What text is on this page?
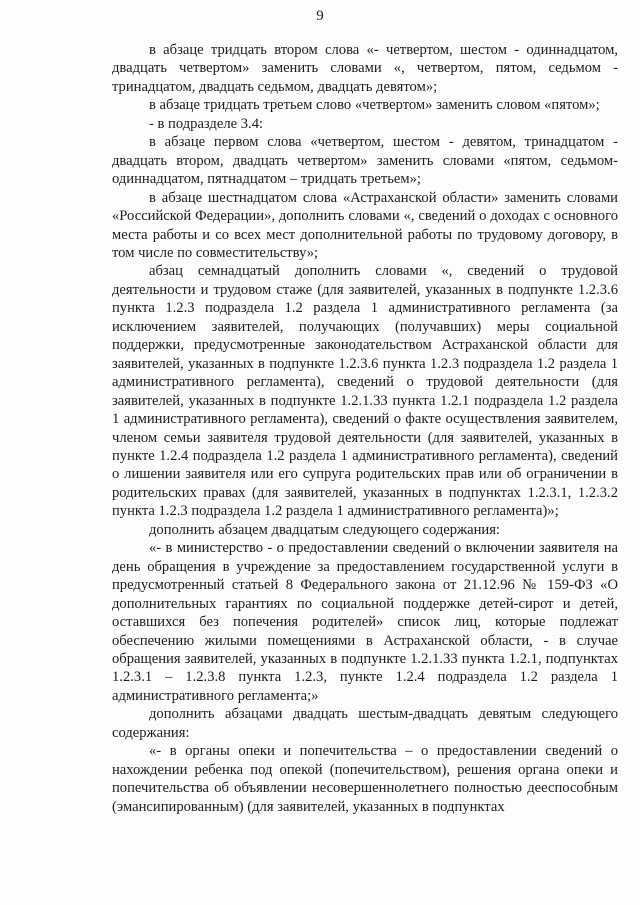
9

в абзаце тридцать втором слова «- четвертом, шестом - одиннадцатом, двадцать четвертом» заменить словами «, четвертом, пятом, седьмом - тринадцатом, двадцать седьмом, двадцать девятом»;

в абзаце тридцать третьем слово «четвертом» заменить словом «пятом»;

- в подразделе 3.4:

в абзаце первом слова «четвертом, шестом - девятом, тринадцатом - двадцать втором, двадцать четвертом» заменить словами «пятом, седьмом-одиннадцатом, пятнадцатом – тридцать третьем»;

в абзаце шестнадцатом слова «Астраханской области» заменить словами «Российской Федерации», дополнить словами «, сведений о доходах с основного места работы и со всех мест дополнительной работы по трудовому договору, в том числе по совместительству»;

абзац семнадцатый дополнить словами «, сведений о трудовой деятельности и трудовом стаже (для заявителей, указанных в подпункте 1.2.3.6 пункта 1.2.3 подраздела 1.2 раздела 1 административного регламента (за исключением заявителей, получающих (получавших) меры социальной поддержки, предусмотренные законодательством Астраханской области для заявителей, указанных в подпункте 1.2.3.6 пункта 1.2.3 подраздела 1.2 раздела 1 административного регламента), сведений о трудовой деятельности (для заявителей, указанных в подпункте 1.2.1.33 пункта 1.2.1 подраздела 1.2 раздела 1 административного регламента), сведений о факте осуществления заявителем, членом семьи заявителя трудовой деятельности (для заявителей, указанных в пункте 1.2.4 подраздела 1.2 раздела 1 административного регламента), сведений о лишении заявителя или его супруга родительских прав или об ограничении в родительских правах (для заявителей, указанных в подпунктах 1.2.3.1, 1.2.3.2 пункта 1.2.3 подраздела 1.2 раздела 1 административного регламента)»;

дополнить абзацем двадцатым следующего содержания:

«- в министерство - о предоставлении сведений о включении заявителя на день обращения в учреждение за предоставлением государственной услуги в предусмотренный статьей 8 Федерального закона от 21.12.96 № 159-ФЗ «О дополнительных гарантиях по социальной поддержке детей-сирот и детей, оставшихся без попечения родителей» список лиц, которые подлежат обеспечению жилыми помещениями в Астраханской области, - в случае обращения заявителей, указанных в подпункте 1.2.1.33 пункта 1.2.1, подпунктах 1.2.3.1 – 1.2.3.8 пункта 1.2.3, пункте 1.2.4 подраздела 1.2 раздела 1 административного регламента;»

дополнить абзацами двадцать шестым-двадцать девятым следующего содержания:

«- в органы опеки и попечительства – о предоставлении сведений о нахождении ребенка под опекой (попечительством), решения органа опеки и попечительства об объявлении несовершеннолетнего полностью дееспособным (эмансипированным) (для заявителей, указанных в подпунктах
